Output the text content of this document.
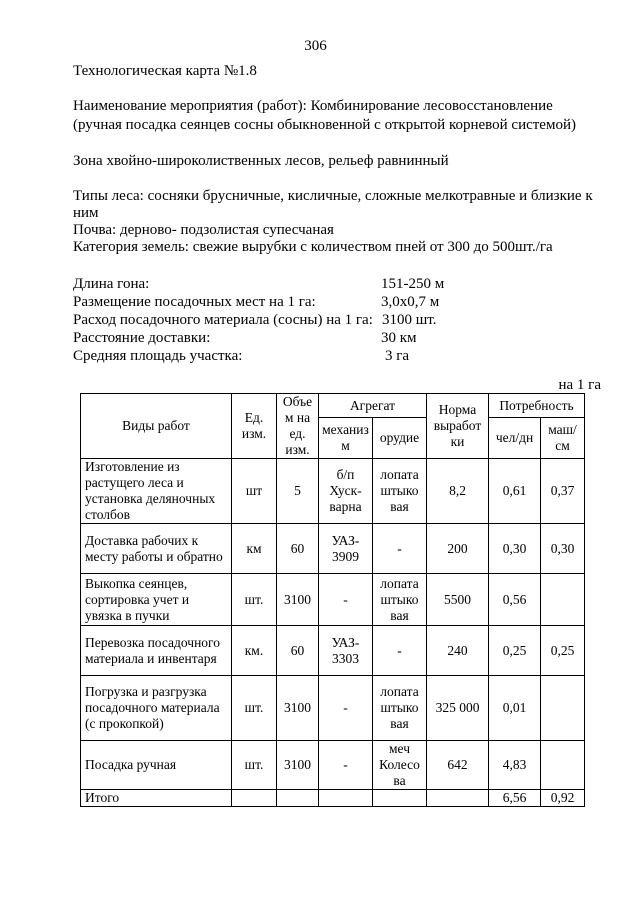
306
Технологическая карта №1.8
Наименование мероприятия (работ): Комбинирование лесовосстановление
(ручная посадка сеянцев сосны обыкновенной с открытой корневой системой)
Зона хвойно-широколиственных лесов, рельеф равнинный
Типы леса: сосняки брусничные, кисличные, сложные мелкотравные и близкие к
ним
Почва: дерново- подзолистая супесчаная
Категория земель: свежие вырубки с количеством пней от 300 до 500шт./га
Длина гона:	151-250 м
Размещение посадочных мест на 1 га:	3,0х0,7 м
Расход посадочного материала (сосны) на 1 га: 3100 шт.
Расстояние доставки:	30 км
Средняя площадь участка:	3 га
на 1 га
Виды работ	Ед. изм.	Объе м на ед. изм.	Агрегат		Норма выработ ки	Потребность	
			механиз м	орудие		чел/дн	маш/ см
Изготовление из растущего леса и установка деляночных столбов	шт	5	б/п Хуск- варна	лопата штыко вая	8,2	0,61	0,37
Доставка рабочих к месту работы и обратно	км	60	УАЗ- 3909	-	200	0,30	0,30
Выкопка сеянцев, сортировка учет и увязка в пучки	шт.	3100	-	лопата штыко вая	5500	0,56	
Перевозка посадочного материала и инвентаря	км.	60	УАЗ- 3303	-	240	0,25	0,25
Погрузка и разгрузка посадочного материала (с прокопкой)	шт.	3100	-	лопата штыко вая	325 000	0,01	
Посадка ручная	шт.	3100	-	меч Колесо ва	642	4,83	
Итого						6,56	0,92
